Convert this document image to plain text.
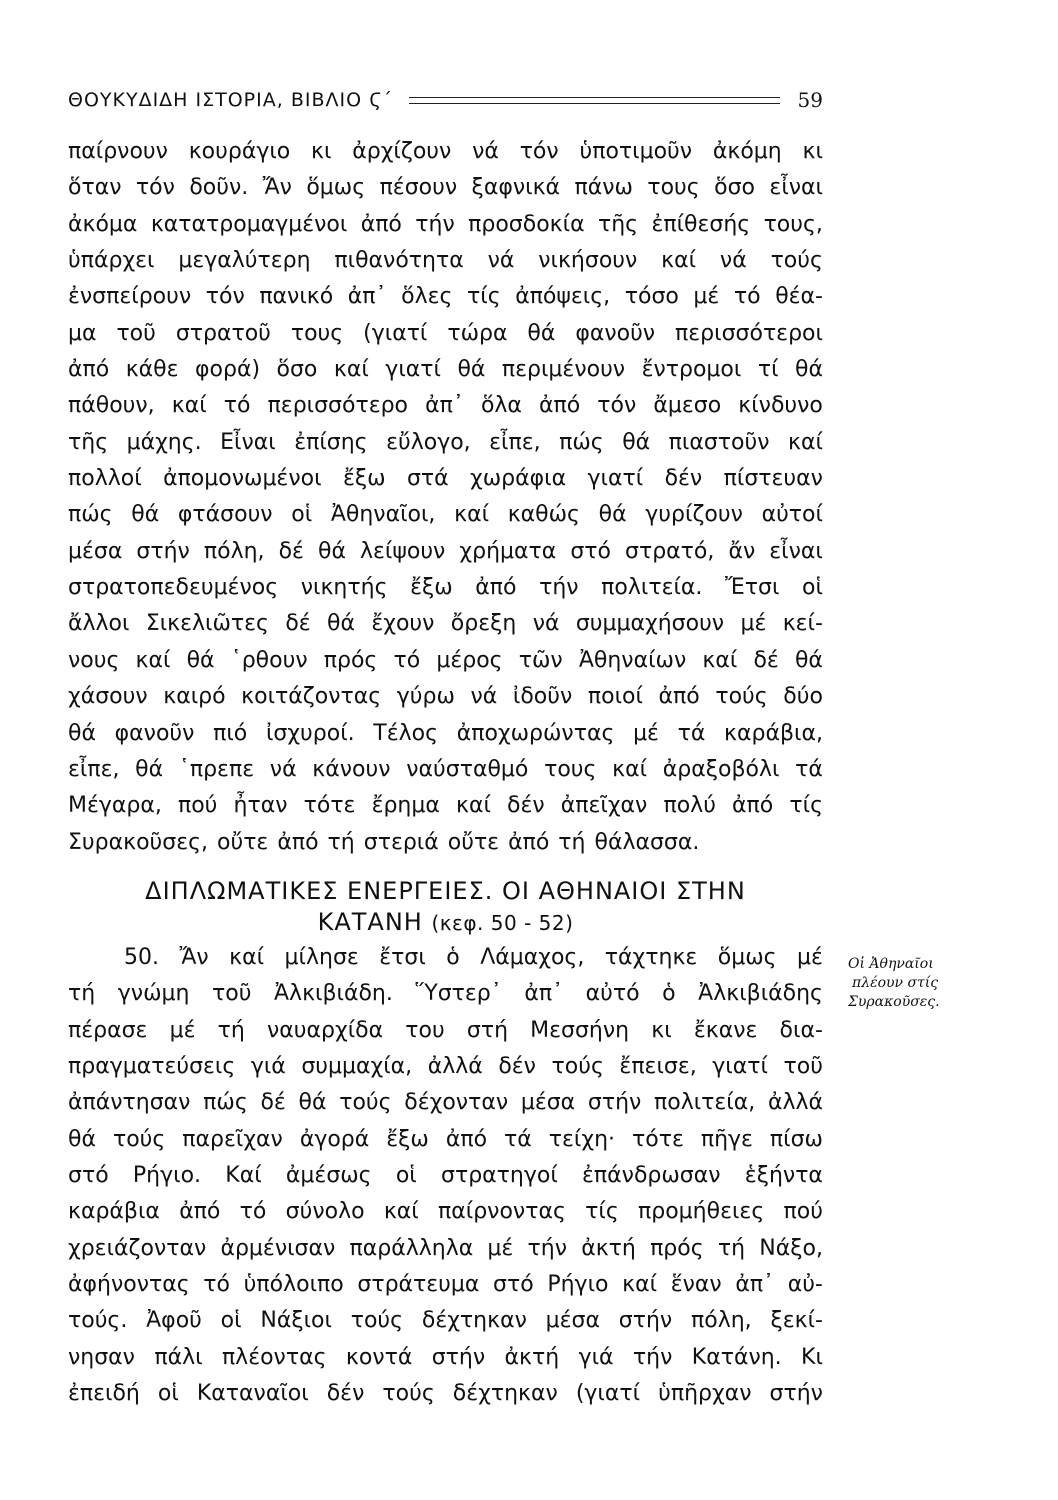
ΘΟΥΚΥΔΙΔΗ ΙΣΤΟΡΙΑ, ΒΙΒΛΙΟ Ϛ΄	59
παίρνουν κουράγιο κι ἀρχίζουν νά τόν ὑποτιμοῦν ἀκόμη κι
ὅταν τόν δοῦν. Ἄν ὅμως πέσουν ξαφνικά πάνω τους ὅσο εἶναι
ἀκόμα κατατρομαγμένοι ἀπό τήν προσδοκία τῆς ἐπίθεσής τους,
ὑπάρχει μεγαλύτερη πιθανότητα νά νικήσουν καί νά τούς
ἐνσπείρουν τόν πανικό ἀπ᾽ ὅλες τίς ἀπόψεις, τόσο μέ τό θέα-
μα τοῦ στρατοῦ τους (γιατί τώρα θά φανοῦν περισσότεροι
ἀπό κάθε φορά) ὅσο καί γιατί θά περιμένουν ἔντρομοι τί θά
πάθουν, καί τό περισσότερο ἀπ᾽ ὅλα ἀπό τόν ἄμεσο κίνδυνο
τῆς μάχης. Εἶναι ἐπίσης εὔλογο, εἶπε, πώς θά πιαστοῦν καί
πολλοί ἀπομονωμένοι ἔξω στά χωράφια γιατί δέν πίστευαν
πώς θά φτάσουν οἱ Ἀθηναῖοι, καί καθώς θά γυρίζουν αὐτοί
μέσα στήν πόλη, δέ θά λείψουν χρήματα στό στρατό, ἄν εἶναι
στρατοπεδευμένος νικητής ἔξω ἀπό τήν πολιτεία. Ἔτσι οἱ
ἄλλοι Σικελιῶτες δέ θά ἔχουν ὄρεξη νά συμμαχήσουν μέ κεί-
νους καί θά ῾ρθουν πρός τό μέρος τῶν Ἀθηναίων καί δέ θά
χάσουν καιρό κοιτάζοντας γύρω νά ἰδοῦν ποιοί ἀπό τούς δύο
θά φανοῦν πιό ἰσχυροί. Τέλος ἀποχωρώντας μέ τά καράβια,
εἶπε, θά ῾πρεπε νά κάνουν ναύσταθμό τους καί ἀραξοβόλι τά
Μέγαρα, πού ἦταν τότε ἔρημα καί δέν ἀπεῖχαν πολύ ἀπό τίς
Συρακοῦσες, οὔτε ἀπό τή στεριά οὔτε ἀπό τή θάλασσα.
ΔΙΠΛΩΜΑΤΙΚΕΣ ΕΝΕΡΓΕΙΕΣ. ΟΙ ΑΘΗΝΑΙΟΙ ΣΤΗΝ
ΚΑΤΑΝΗ (κεφ. 50 - 52)
50. Ἄν καί μίλησε ἔτσι ὁ Λάμαχος, τάχτηκε ὅμως μέ
τή γνώμη τοῦ Ἀλκιβιάδη. Ὕστερ᾽ ἀπ᾽ αὐτό ὁ Ἀλκιβιάδης
πέρασε μέ τή ναυαρχίδα του στή Μεσσήνη κι ἔκανε δια-
πραγματεύσεις γιά συμμαχία, ἀλλά δέν τούς ἔπεισε, γιατί τοῦ
ἀπάντησαν πώς δέ θά τούς δέχονταν μέσα στήν πολιτεία, ἀλλά
θά τούς παρεῖχαν ἀγορά ἔξω ἀπό τά τείχη· τότε πῆγε πίσω
στό Ρήγιο. Καί ἀμέσως οἱ στρατηγοί ἐπάνδρωσαν ἑξήντα
καράβια ἀπό τό σύνολο καί παίρνοντας τίς προμήθειες πού
χρειάζονταν ἀρμένισαν παράλληλα μέ τήν ἀκτή πρός τή Νάξο,
ἀφήνοντας τό ὑπόλοιπο στράτευμα στό Ρήγιο καί ἕναν ἀπ᾽ αὐ-
τούς. Ἀφοῦ οἱ Νάξιοι τούς δέχτηκαν μέσα στήν πόλη, ξεκί-
νησαν πάλι πλέοντας κοντά στήν ἀκτή γιά τήν Κατάνη. Κι
ἐπειδή οἱ Καταναῖοι δέν τούς δέχτηκαν (γιατί ὑπῆρχαν στήν
Οἱ Ἀθηναῖοι
πλέουν στίς
Συρακοῦσες.
